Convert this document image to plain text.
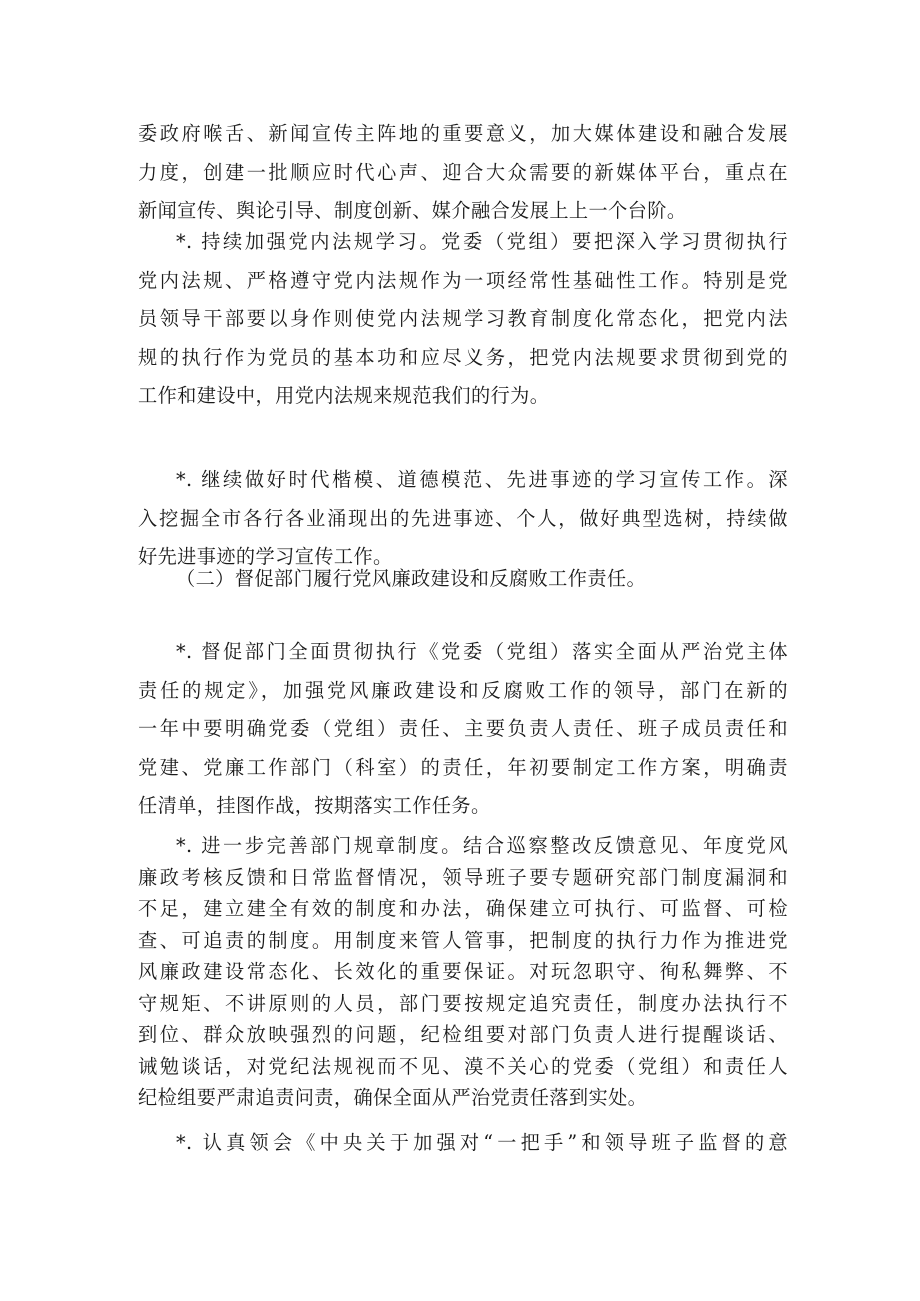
委政府喉舌、新闻宣传主阵地的重要意义，加大媒体建设和融合发展
力度，创建一批顺应时代心声、迎合大众需要的新媒体平台，重点在
新闻宣传、舆论引导、制度创新、媒介融合发展上上一个台阶。
*. 持续加强党内法规学习。党委（党组）要把深入学习贯彻执行
党内法规、严格遵守党内法规作为一项经常性基础性工作。特别是党
员领导干部要以身作则使党内法规学习教育制度化常态化，把党内法
规的执行作为党员的基本功和应尽义务，把党内法规要求贯彻到党的
工作和建设中，用党内法规来规范我们的行为。
*. 继续做好时代楷模、道德模范、先进事迹的学习宣传工作。深
入挖掘全市各行各业涌现出的先进事迹、个人，做好典型选树，持续做
好先进事迹的学习宣传工作。
（二）督促部门履行党风廉政建设和反腐败工作责任。
*. 督促部门全面贯彻执行《党委（党组）落实全面从严治党主体
责任的规定》，加强党风廉政建设和反腐败工作的领导，部门在新的
一年中要明确党委（党组）责任、主要负责人责任、班子成员责任和
党建、党廉工作部门（科室）的责任，年初要制定工作方案，明确责
任清单，挂图作战，按期落实工作任务。
*. 进一步完善部门规章制度。结合巡察整改反馈意见、年度党风
廉政考核反馈和日常监督情况，领导班子要专题研究部门制度漏洞和
不足，建立建全有效的制度和办法，确保建立可执行、可监督、可检
查、可追责的制度。用制度来管人管事，把制度的执行力作为推进党
风廉政建设常态化、长效化的重要保证。对玩忽职守、徇私舞弊、不
守规矩、不讲原则的人员，部门要按规定追究责任，制度办法执行不
到位、群众放映强烈的问题，纪检组要对部门负责人进行提醒谈话、
诫勉谈话，对党纪法规视而不见、漠不关心的党委（党组）和责任人
纪检组要严肃追责问责，确保全面从严治党责任落到实处。
*. 认真领会《中央关于加强对“一把手”和领导班子监督的意
